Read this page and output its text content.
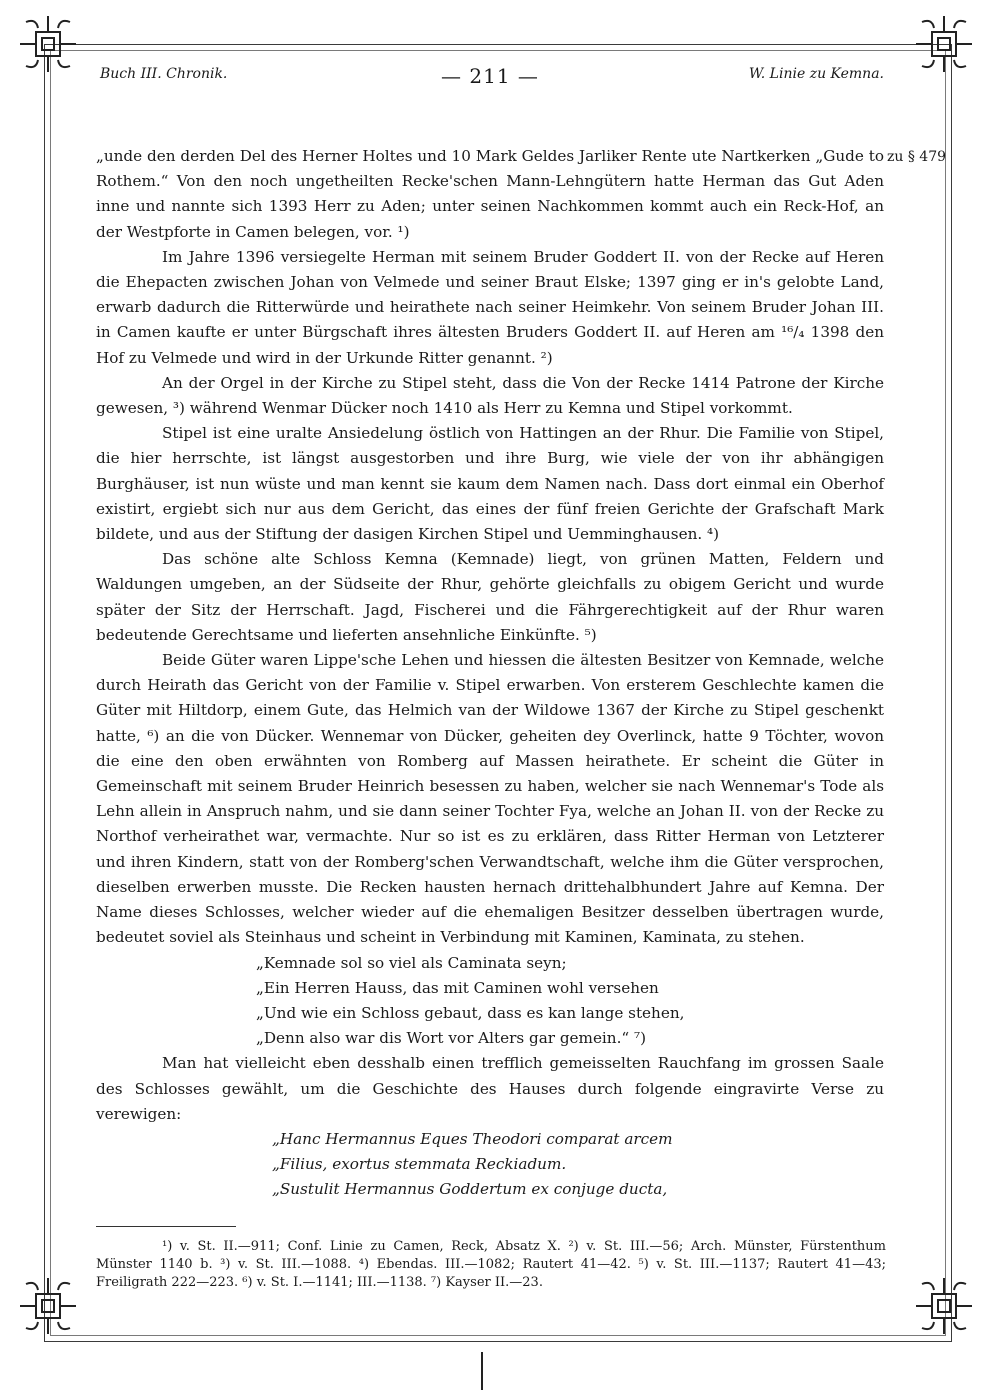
Buch III. Chronik.	— 211 —	W. Linie zu Kemna.
zu § 479

„unde den derden Del des Herner Holtes und 10 Mark Geldes Jarliker Rente ute Nartkerken „Gude to Rothem.“ Von den noch ungetheilten Recke'schen Mann-Lehngütern hatte Herman das Gut Aden inne und nannte sich 1393 Herr zu Aden; unter seinen Nachkommen kommt auch ein Reck-Hof, an der Westpforte in Camen belegen, vor. ¹)

Im Jahre 1396 versiegelte Herman mit seinem Bruder Goddert II. von der Recke auf Heren die Ehepacten zwischen Johan von Velmede und seiner Braut Elske; 1397 ging er in's gelobte Land, erwarb dadurch die Ritterwürde und heirathete nach seiner Heimkehr. Von seinem Bruder Johan III. in Camen kaufte er unter Bürgschaft ihres ältesten Bruders Goddert II. auf Heren am ¹⁶/₄ 1398 den Hof zu Velmede und wird in der Urkunde Ritter genannt. ²)

An der Orgel in der Kirche zu Stipel steht, dass die Von der Recke 1414 Patrone der Kirche gewesen, ³) während Wenmar Dücker noch 1410 als Herr zu Kemna und Stipel vorkommt.

Stipel ist eine uralte Ansiedelung östlich von Hattingen an der Rhur. Die Familie von Stipel, die hier herrschte, ist längst ausgestorben und ihre Burg, wie viele der von ihr abhängigen Burghäuser, ist nun wüste und man kennt sie kaum dem Namen nach. Dass dort einmal ein Oberhof existirt, ergiebt sich nur aus dem Gericht, das eines der fünf freien Gerichte der Grafschaft Mark bildete, und aus der Stiftung der dasigen Kirchen Stipel und Uemminghausen. ⁴)

Das schöne alte Schloss Kemna (Kemnade) liegt, von grünen Matten, Feldern und Waldungen umgeben, an der Südseite der Rhur, gehörte gleichfalls zu obigem Gericht und wurde später der Sitz der Herrschaft. Jagd, Fischerei und die Fährgerechtigkeit auf der Rhur waren bedeutende Gerechtsame und lieferten ansehnliche Einkünfte. ⁵)

Beide Güter waren Lippe'sche Lehen und hiessen die ältesten Besitzer von Kemnade, welche durch Heirath das Gericht von der Familie v. Stipel erwarben. Von ersterem Geschlechte kamen die Güter mit Hiltdorp, einem Gute, das Helmich van der Wildowe 1367 der Kirche zu Stipel geschenkt hatte, ⁶) an die von Dücker. Wennemar von Dücker, geheiten dey Overlinck, hatte 9 Töchter, wovon die eine den oben erwähnten von Romberg auf Massen heirathete. Er scheint die Güter in Gemeinschaft mit seinem Bruder Heinrich besessen zu haben, welcher sie nach Wennemar's Tode als Lehn allein in Anspruch nahm, und sie dann seiner Tochter Fya, welche an Johan II. von der Recke zu Northof verheirathet war, vermachte. Nur so ist es zu erklären, dass Ritter Herman von Letzterer und ihren Kindern, statt von der Romberg'schen Verwandtschaft, welche ihm die Güter versprochen, dieselben erwerben musste. Die Recken hausten hernach drittehalbhundert Jahre auf Kemna. Der Name dieses Schlosses, welcher wieder auf die ehemaligen Besitzer desselben übertragen wurde, bedeutet soviel als Steinhaus und scheint in Verbindung mit Kaminen, Kaminata, zu stehen.

„Kemnade sol so viel als Caminata seyn;

„Ein Herren Hauss, das mit Caminen wohl versehen

„Und wie ein Schloss gebaut, dass es kan lange stehen,

„Denn also war dis Wort vor Alters gar gemein.“ ⁷)

Man hat vielleicht eben desshalb einen trefflich gemeisselten Rauchfang im grossen Saale des Schlosses gewählt, um die Geschichte des Hauses durch folgende eingravirte Verse zu verewigen:

„Hanc Hermannus Eques Theodori comparat arcem

„Filius, exortus stemmata Reckiadum.

„Sustulit Hermannus Goddertum ex conjuge ducta,

¹) v. St. II.—911; Conf. Linie zu Camen, Reck, Absatz X. ²) v. St. III.—56; Arch. Münster, Fürstenthum Münster 1140 b. ³) v. St. III.—1088. ⁴) Ebendas. III.—1082; Rautert 41—42. ⁵) v. St. III.—1137; Rautert 41—43; Freiligrath 222—223. ⁶) v. St. I.—1141; III.—1138. ⁷) Kayser II.—23.
